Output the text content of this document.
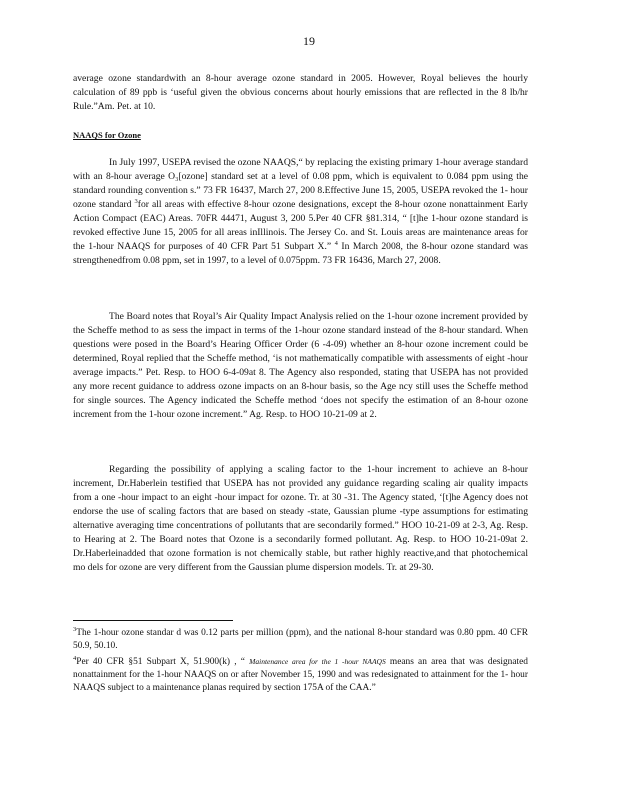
19

average ozone standardwith an 8-hour average ozone standard in 2005. However, Royal believes the hourly calculation of 89 ppb is ‘useful given the obvious concerns about hourly emissions that are reflected in the 8 lb/hr Rule.”Am. Pet. at 10.

NAAQS for Ozone

In July 1997, USEPA revised the ozone NAAQS,“ by replacing the existing primary 1-hour average standard with an 8-hour average O₃[ozone] standard set at a level of 0.08 ppm, which is equivalent to 0.084 ppm using the standard rounding convention s.” 73 FR 16437, March 27, 200 8.Effective June 15, 2005, USEPA revoked the 1- hour ozone standard $^3$for all areas with effective 8-hour ozone designations, except the 8-hour ozone nonattainment Early Action Compact (EAC) Areas. 70FR 44471, August 3, 200 5.Per 40 CFR §81.314, “ [t]he 1-hour ozone standard is revoked effective June 15, 2005 for all areas inIllinois. The Jersey Co. and St. Louis areas are maintenance areas for the 1-hour NAAQS for purposes of 40 CFR Part 51 Subpart X.” $^4$ In March 2008, the 8-hour ozone standard was strengthenedfrom 0.08 ppm, set in 1997, to a level of 0.075ppm. 73 FR 16436, March 27, 2008.

The Board notes that Royal’s Air Quality Impact Analysis relied on the 1-hour ozone increment provided by the Scheffe method to as sess the impact in terms of the 1-hour ozone standard instead of the 8-hour standard. When questions were posed in the Board’s Hearing Officer Order (6 -4-09) whether an 8-hour ozone increment could be determined, Royal replied that the Scheffe method, ‘is not mathematically compatible with assessments of eight -hour average impacts.” Pet. Resp. to HOO 6-4-09at 8. The Agency also responded, stating that USEPA has not provided any more recent guidance to address ozone impacts on an 8-hour basis, so the Age ncy still uses the Scheffe method for single sources. The Agency indicated the Scheffe method ‘does not specify the estimation of an 8-hour ozone increment from the 1-hour ozone increment.” Ag. Resp. to HOO 10-21-09 at 2.

Regarding the possibility of applying a scaling factor to the 1-hour increment to achieve an 8-hour increment, Dr.Haberlein testified that USEPA has not provided any guidance regarding scaling air quality impacts from a one -hour impact to an eight -hour impact for ozone. Tr. at 30 -31. The Agency stated, ‘[t]he Agency does not endorse the use of scaling factors that are based on steady -state, Gaussian plume -type assumptions for estimating alternative averaging time concentrations of pollutants that are secondarily formed.” HOO 10-21-09 at 2-3, Ag. Resp. to Hearing at 2. The Board notes that Ozone is a secondarily formed pollutant. Ag. Resp. to HOO 10-21-09at 2. Dr.Haberleinadded that ozone formation is not chemically stable, but rather highly reactive,and that photochemical mo dels for ozone are very different from the Gaussian plume dispersion models. Tr. at 29-30.

$^3$The 1-hour ozone standar d was 0.12 parts per million (ppm), and the national 8-hour standard was 0.80 ppm. 40 CFR 50.9, 50.10.

$^4$Per 40 CFR §51 Subpart X, 51.900(k) , “ Maintenance area for the 1 -hour NAAQS means an area that was designated nonattainment for the 1-hour NAAQS on or after November 15, 1990 and was redesignated to attainment for the 1- hour NAAQS subject to a maintenance planas required by section 175A of the CAA.”
